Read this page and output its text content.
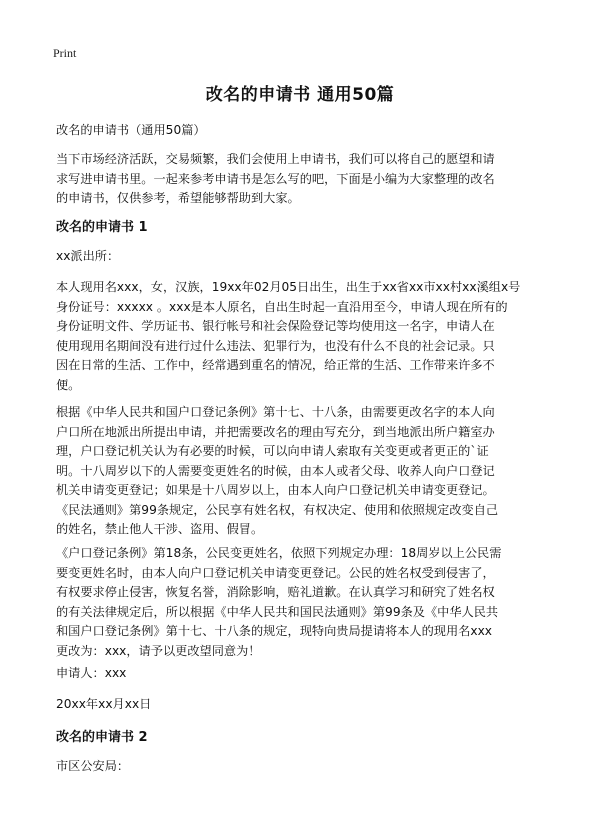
Print
改名的申请书 通用50篇

改名的申请书（通用50篇）

当下市场经济活跃，交易频繁，我们会使用上申请书，我们可以将自己的愿望和请
求写进申请书里。一起来参考申请书是怎么写的吧，下面是小编为大家整理的改名
的申请书，仅供参考，希望能够帮助到大家。

改名的申请书 1

xx派出所：

本人现用名xxx，女，汉族，19xx年02月05日出生，出生于xx省xx市xx村xx溪组x号
身份证号：xxxxx 。xxx是本人原名，自出生时起一直沿用至今，申请人现在所有的
身份证明文件、学历证书、银行帐号和社会保险登记等均使用这一名字，申请人在
使用现用名期间没有进行过什么违法、犯罪行为，也没有什么不良的社会记录。只
因在日常的生活、工作中，经常遇到重名的情况，给正常的生活、工作带来许多不
便。

根据《中华人民共和国户口登记条例》第十七、十八条，由需要更改名字的本人向
户口所在地派出所提出申请，并把需要改名的理由写充分，到当地派出所户籍室办
理，户口登记机关认为有必要的时候，可以向申请人索取有关变更或者更正的`证
明。十八周岁以下的人需要变更姓名的时候，由本人或者父母、收养人向户口登记
机关申请变更登记；如果是十八周岁以上，由本人向户口登记机关申请变更登记。
《民法通则》第99条规定，公民享有姓名权，有权决定、使用和依照规定改变自己
的姓名，禁止他人干涉、盗用、假冒。

《户口登记条例》第18条，公民变更姓名，依照下列规定办理：18周岁以上公民需
要变更姓名时，由本人向户口登记机关申请变更登记。公民的姓名权受到侵害了，
有权要求停止侵害，恢复名誉，消除影响，赔礼道歉。在认真学习和研究了姓名权
的有关法律规定后，所以根据《中华人民共和国民法通则》第99条及《中华人民共
和国户口登记条例》第十七、十八条的规定，现特向贵局提请将本人的现用名xxx
更改为：xxx，请予以更改望同意为！

申请人：xxx

20xx年xx月xx日

改名的申请书 2

市区公安局：
